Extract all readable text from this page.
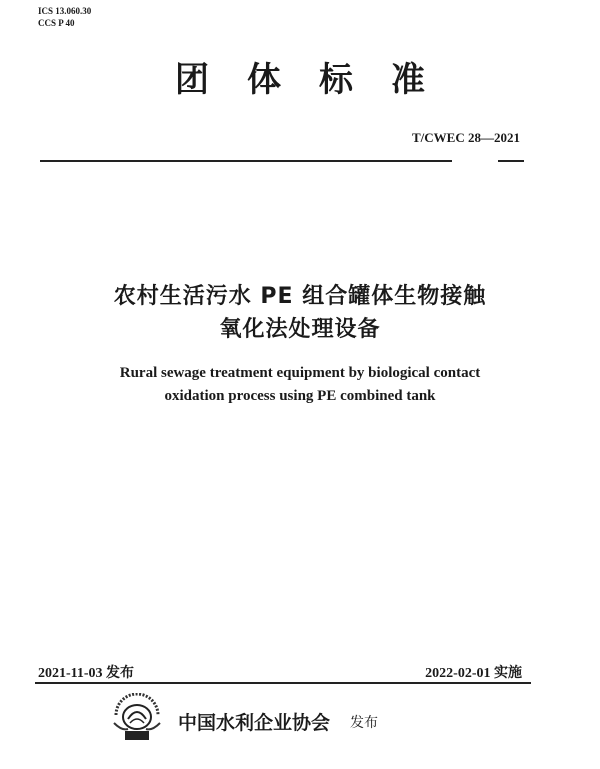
ICS 13.060.30
CCS P 40
团体标准
T/CWEC 28—2021
农村生活污水 PE 组合罐体生物接触
氧化法处理设备
Rural sewage treatment equipment by biological contact
oxidation process using PE combined tank
2021-11-03 发布	2022-02-01 实施
中国水利企业协会 发布
